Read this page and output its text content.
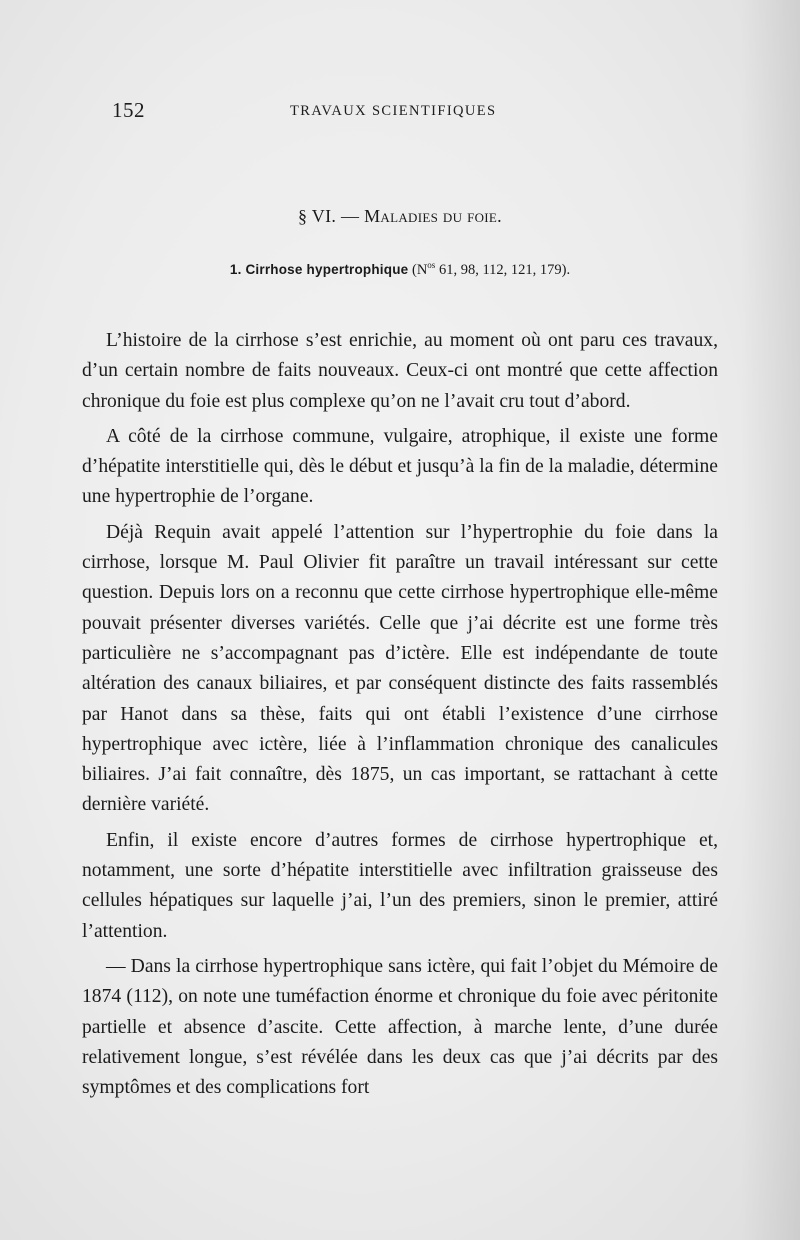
152	TRAVAUX SCIENTIFIQUES
§ VI. — Maladies du foie.
1. Cirrhose hypertrophique ($N^{os}$ 61, 98, 112, 121, 179).

L’histoire de la cirrhose s’est enrichie, au moment où ont paru ces travaux, d’un certain nombre de faits nouveaux. Ceux-ci ont montré que cette affection chronique du foie est plus complexe qu’on ne l’avait cru tout d’abord.

A côté de la cirrhose commune, vulgaire, atrophique, il existe une forme d’hépatite interstitielle qui, dès le début et jusqu’à la fin de la maladie, détermine une hypertrophie de l’organe.

Déjà Requin avait appelé l’attention sur l’hypertrophie du foie dans la cirrhose, lorsque M. Paul Olivier fit paraître un travail intéressant sur cette question. Depuis lors on a reconnu que cette cirrhose hypertrophique elle-même pouvait présenter diverses variétés. Celle que j’ai décrite est une forme très particulière ne s’accompagnant pas d’ictère. Elle est indépendante de toute altération des canaux biliaires, et par conséquent distincte des faits rassemblés par Hanot dans sa thèse, faits qui ont établi l’existence d’une cirrhose hypertrophique avec ictère, liée à l’inflammation chronique des canalicules biliaires. J’ai fait connaître, dès 1875, un cas important, se rattachant à cette dernière variété.

Enfin, il existe encore d’autres formes de cirrhose hypertrophique et, notamment, une sorte d’hépatite interstitielle avec infiltration graisseuse des cellules hépatiques sur laquelle j’ai, l’un des premiers, sinon le premier, attiré l’attention.

— Dans la cirrhose hypertrophique sans ictère, qui fait l’objet du Mémoire de 1874 (112), on note une tuméfaction énorme et chronique du foie avec péritonite partielle et absence d’ascite. Cette affection, à marche lente, d’une durée relativement longue, s’est révélée dans les deux cas que j’ai décrits par des symptômes et des complications fort
